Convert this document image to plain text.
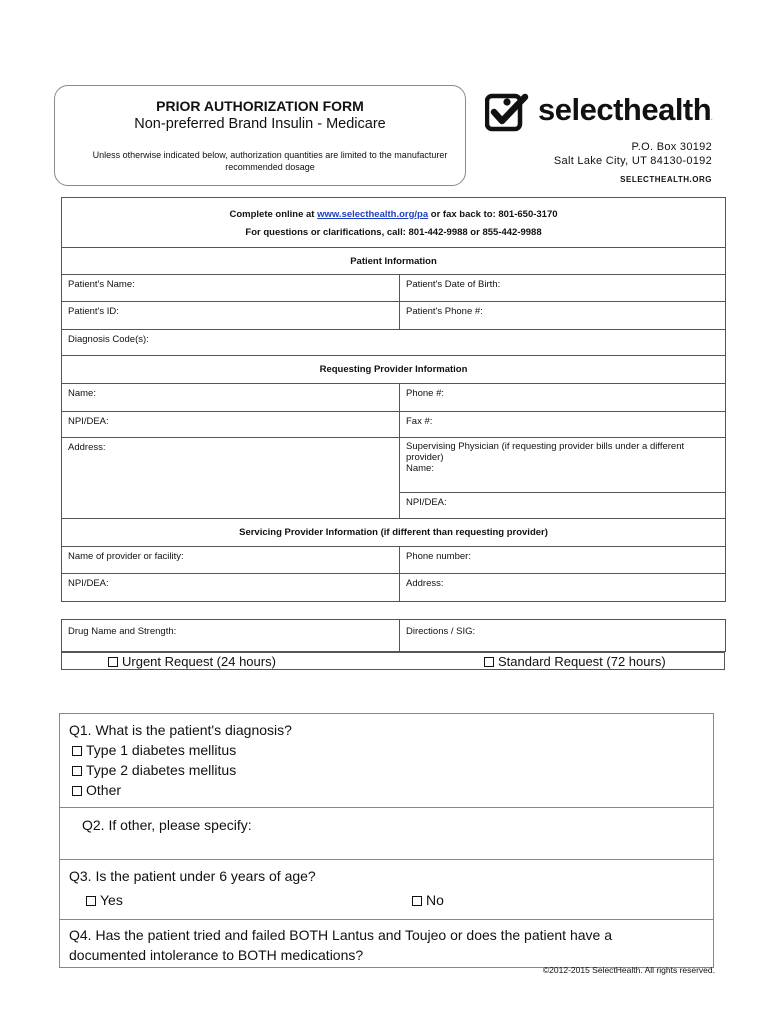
PRIOR AUTHORIZATION FORM
Non-preferred Brand Insulin - Medicare
Unless otherwise indicated below, authorization quantities are limited to the manufacturer
recommended dosage
selecthealth .
P.O. Box 30192
Salt Lake City, UT 84130-0192
SELECTHEALTH.ORG
Complete online at www.selecthealth.org/pa or fax back to: 801-650-3170
For questions or clarifications, call: 801-442-9988 or 855-442-9988	

Patient Information	

Patient's Name:	Patient's Date of Birth:

Patient's ID:	Patient's Phone #:

Diagnosis Code(s):	

Requesting Provider Information	

Name:	Phone #:

NPI/DEA:	Fax #:

Address:	Supervising Physician (if requesting provider bills under a different provider)
Name:

	NPI/DEA:

Servicing Provider Information (if different than requesting provider)	

Name of provider or facility:	Phone number:

NPI/DEA:	Address:
Drug Name and Strength:	Directions / SIG:
Urgent Request (24 hours)	Standard Request (72 hours)
Q1. What is the patient's diagnosis?
Type 1 diabetes mellitus
Type 2 diabetes mellitus
Other

Q2. If other, please specify:

Q3. Is the patient under 6 years of age?
Yes	No

Q4. Has the patient tried and failed BOTH Lantus and Toujeo or does the patient have a
documented intolerance to BOTH medications?
©2012-2015 SelectHealth. All rights reserved.
